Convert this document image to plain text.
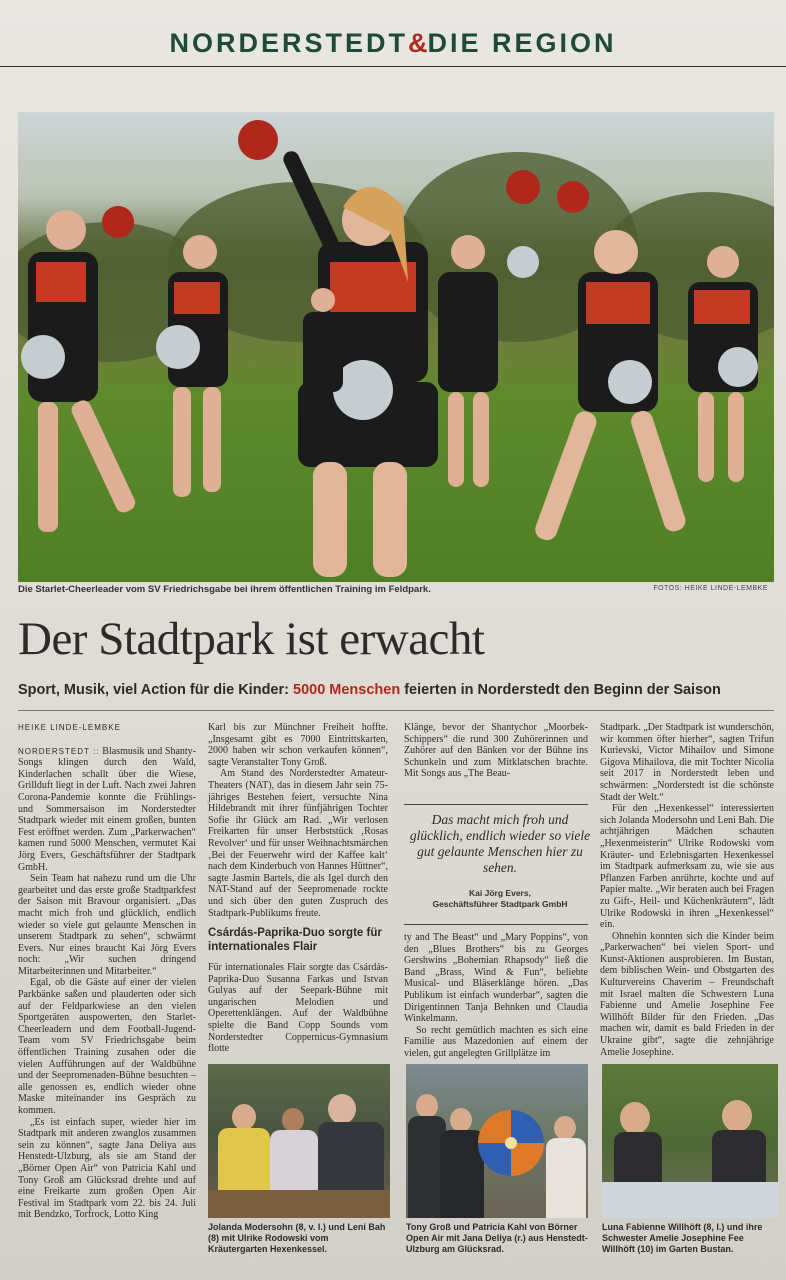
NORDERSTEDT&DIE REGION
Die Starlet-Cheerleader vom SV Friedrichsgabe bei ihrem öffentlichen Training im Feldpark.	FOTOS: HEIKE LINDE-LEMBKE
Der Stadtpark ist erwacht
Sport, Musik, viel Action für die Kinder: 5000 Menschen feierten in Norderstedt den Beginn der Saison
HEIKE LINDE-LEMBKE

NORDERSTEDT :: Blasmusik und Shanty-Songs klingen durch den Wald, Kinderlachen schallt über die Wiese, Grillduft liegt in der Luft. Nach zwei Jahren Corona-Pandemie konnte die Frühlings- und Sommersaison im Norderstedter Stadtpark wieder mit einem großen, bunten Fest eröffnet werden. Zum „Parkerwachen“ kamen rund 5000 Menschen, vermutet Kai Jörg Evers, Geschäftsführer der Stadtpark GmbH.

Sein Team hat nahezu rund um die Uhr gearbeitet und das erste große Stadtparkfest der Saison mit Bravour organisiert. „Das macht mich froh und glücklich, endlich wieder so viele gut gelaunte Menschen in unserem Stadtpark zu sehen“, schwärmt Evers. Nur eines braucht Kai Jörg Evers noch: „Wir suchen dringend Mitarbeiterinnen und Mitarbeiter.“

Egal, ob die Gäste auf einer der vielen Parkbänke saßen und plauderten oder sich auf der Feldparkwiese an den vielen Sportgeräten auspowerten, den Starlet-Cheerleadern und dem Football-Jugend-Team vom SV Friedrichsgabe beim öffentlichen Training zusahen oder die vielen Aufführungen auf der Waldbühne und der Seepromenaden-Bühne besuchten – alle genossen es, endlich wieder ohne Maske miteinander ins Gespräch zu kommen.

„Es ist einfach super, wieder hier im Stadtpark mit anderen zwanglos zusammen sein zu können“, sagte Jana Deliya aus Henstedt-Ulzburg, als sie am Stand der „Börner Open Air“ von Patricia Kahl und Tony Groß am Glücksrad drehte und auf eine Freikarte zum großen Open Air Festival im Stadtpark vom 22. bis 24. Juli mit Bendzko, Torfrock, Lotto King

Karl bis zur Münchner Freiheit hoffte. „Insgesamt gibt es 7000 Eintrittskarten, 2000 haben wir schon verkaufen können“, sagte Veranstalter Tony Groß.

Am Stand des Norderstedter Amateur-Theaters (NAT), das in diesem Jahr sein 75-jähriges Bestehen feiert, versuchte Nina Hildebrandt mit ihrer fünfjährigen Tochter Sofie ihr Glück am Rad. „Wir verlosen Freikarten für unser Herbststück ‚Rosas Revolver‘ und für unser Weihnachtsmärchen ‚Bei der Feuerwehr wird der Kaffee kalt‘ nach dem Kinderbuch von Hannes Hüttner“, sagte Jasmin Bartels, die als Igel durch den NAT-Stand auf der Seepromenade rockte und sich über den guten Zuspruch des Stadtpark-Publikums freute.

Csárdás-Paprika-Duo sorgte für internationales Flair

Für internationales Flair sorgte das Csárdás-Paprika-Duo Susanna Farkas und Istvan Gulyas auf der Seepark-Bühne mit ungarischen Melodien und Operettenklängen. Auf der Waldbühne spielte die Band Copp Sounds vom Norderstedter Coppernicus-Gymnasium flotte

Klänge, bevor der Shantychor „Moorbek-Schippers“ die rund 300 Zuhörerinnen und Zuhörer auf den Bänken vor der Bühne ins Schunkeln und zum Mitklatschen brachte. Mit Songs aus „The Beau-

Das macht mich froh und glücklich, endlich wieder so viele gut gelaunte Menschen hier zu sehen.
Kai Jörg Evers,
Geschäftsführer Stadtpark GmbH

ty and The Beast“ und „Mary Poppins“, von den „Blues Brothers“ bis zu Georges Gershwins „Bohemian Rhapsody“ ließ die Band „Brass, Wind & Fun“, beliebte Musical- und Bläserklänge hören. „Das Publikum ist einfach wunderbar“, sagten die Dirigentinnen Tanja Behnken und Claudia Winkelmann.

So recht gemütlich machten es sich eine Familie aus Mazedonien auf einem der vielen, gut angelegten Grillplätze im

Stadtpark. „Der Stadtpark ist wunderschön, wir kommen öfter hierher“, sagten Trifun Kurievski, Victor Mihailov und Simone Gigova Mihailova, die mit Tochter Nicolia seit 2017 in Norderstedt leben und schwärmen: „Norderstedt ist die schönste Stadt der Welt.“

Für den „Hexenkessel“ interessierten sich Jolanda Modersohn und Leni Bah. Die achtjährigen Mädchen schauten „Hexenmeisterin“ Ulrike Rodowski vom Kräuter- und Erlebnisgarten Hexenkessel im Stadtpark aufmerksam zu, wie sie aus Pflanzen Farben anrührte, kochte und auf Papier malte. „Wir beraten auch bei Fragen zu Gift-, Heil- und Küchenkräutern“, lädt Ulrike Rodowski in ihren „Hexenkessel“ ein.

Ohnehin konnten sich die Kinder beim „Parkerwachen“ bei vielen Sport- und Kunst-Aktionen ausprobieren. Im Bustan, dem biblischen Wein- und Obstgarten des Kulturvereins Chaverim – Freundschaft mit Israel malten die Schwestern Luna Fabienne und Amelie Josephine Fee Willhöft Bilder für den Frieden. „Das machen wir, damit es bald Frieden in der Ukraine gibt“, sagte die zehnjährige Amelie Josephine.

Jolanda Modersohn (8, v. l.) und Leni Bah (8) mit Ulrike Rodowski vom Kräutergarten Hexenkessel.
Tony Groß und Patricia Kahl von Börner Open Air mit Jana Deliya (r.) aus Henstedt-Ulzburg am Glücksrad.
Luna Fabienne Willhöft (8, l.) und ihre Schwester Amelie Josephine Fee Willhöft (10) im Garten Bustan.
